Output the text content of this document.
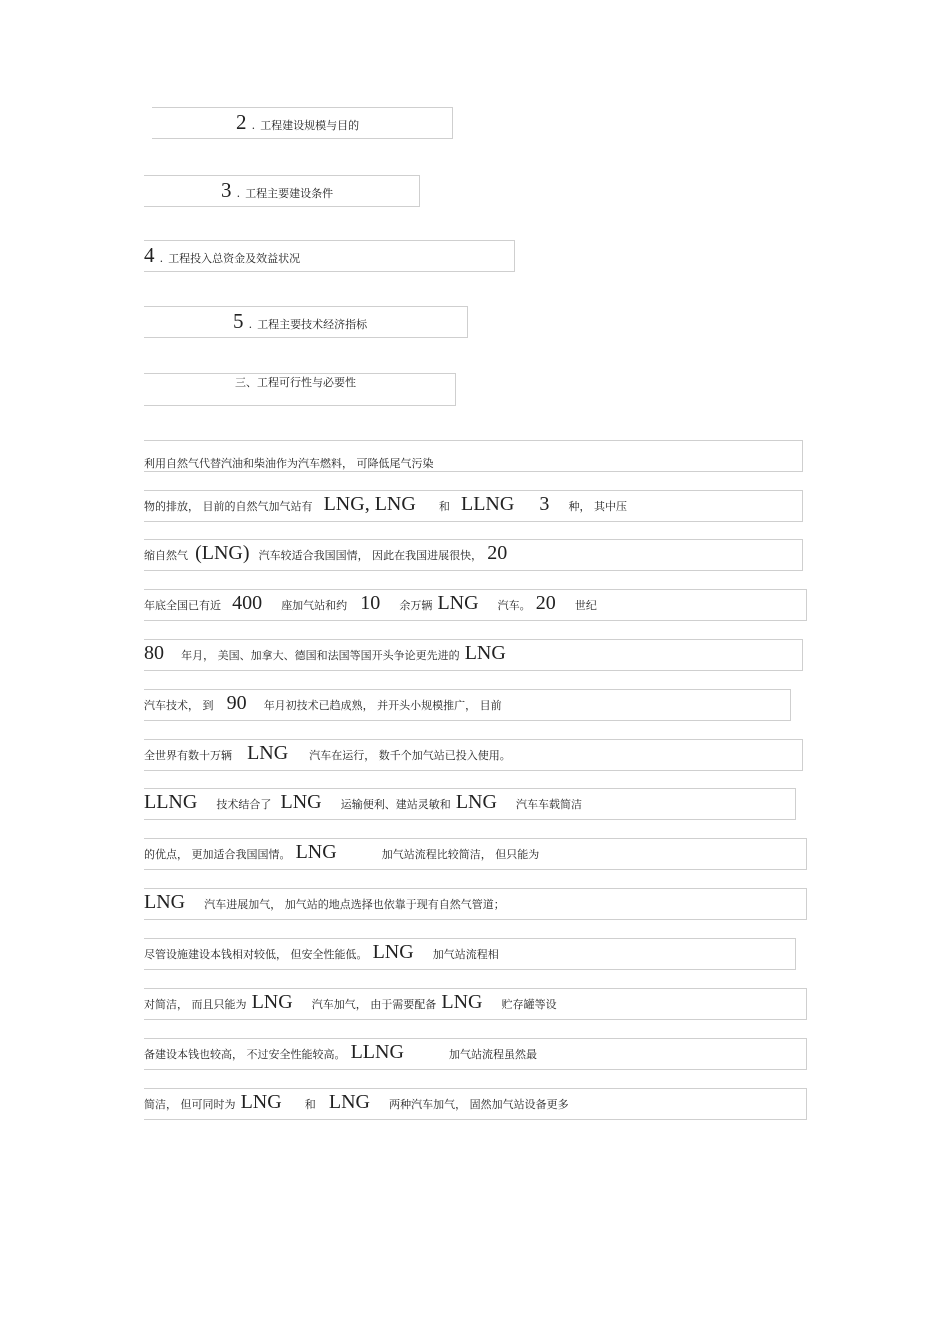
2 . 工程建设规模与目的
3 . 工程主要建设条件
4 . 工程投入总资金及效益状况
5 . 工程主要技术经济指标
三、工程可行性与必要性
利用自然气代替汽油和柴油作为汽车燃料， 可降低尾气污染
物的排放， 目前的自然气加气站有 LNG, LNG 和 LLNG 3 种， 其中压
缩自然气 (LNG) 汽车较适合我国国情， 因此在我国进展很快， 20
年底全国已有近 400 座加气站和约 10 余万辆 LNG 汽车。 20 世纪
80 年月， 美国、加拿大、德国和法国等国开头争论更先进的 LNG
汽车技术， 到 90 年月初技术已趋成熟， 并开头小规模推广， 目前
全世界有数十万辆 LNG 汽车在运行， 数千个加气站已投入使用。
LLNG 技术结合了 LNG 运输便利、建站灵敏和 LNG 汽车车载简洁
的优点， 更加适合我国国情。 LNG	加气站流程比较简洁， 但只能为
LNG 汽车进展加气， 加气站的地点选择也依靠于现有自然气管道；
尽管设施建设本钱相对较低， 但安全性能低。 LNG 加气站流程相
对简洁， 而且只能为 LNG 汽车加气， 由于需要配备 LNG 贮存罐等设
备建设本钱也较高， 不过安全性能较高。 LLNG	加气站流程虽然最
简洁， 但可同时为 LNG 和 LNG 两种汽车加气， 固然加气站设备更多
